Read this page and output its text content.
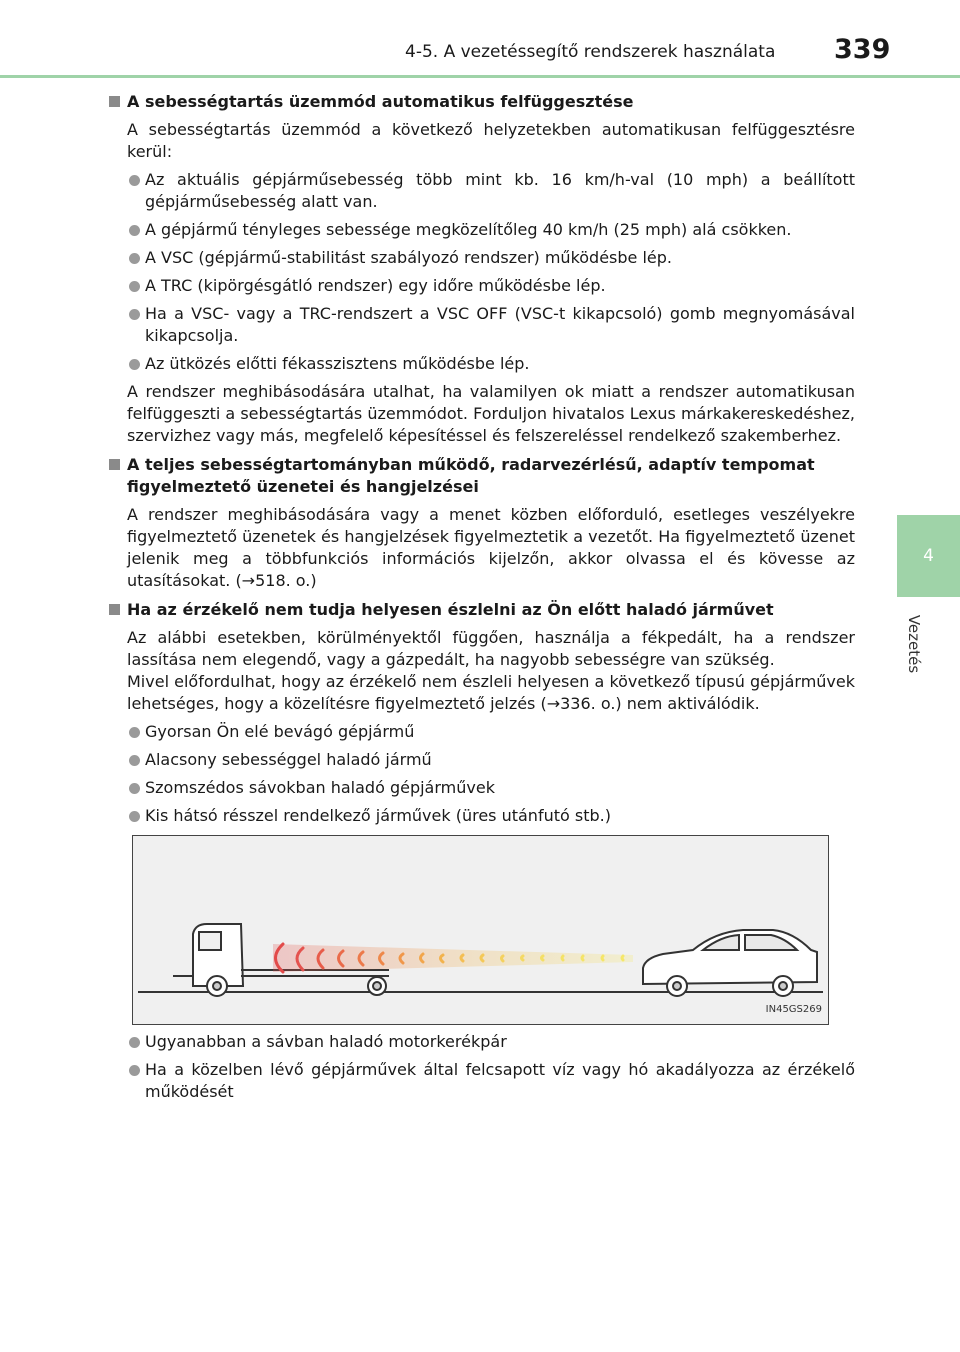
4-5. A vezetéssegítő rendszerek használata 339
4
Vezetés
A sebességtartás üzemmód automatikus felfüggesztése
A sebességtartás üzemmód a következő helyzetekben automatikusan felfüggesztésre kerül:
Az aktuális gépjárműsebesség több mint kb. 16 km/h-val (10 mph) a beállított gépjárműsebesség alatt van.
A gépjármű tényleges sebessége megközelítőleg 40 km/h (25 mph) alá csökken.
A VSC (gépjármű-stabilitást szabályozó rendszer) működésbe lép.
A TRC (kipörgésgátló rendszer) egy időre működésbe lép.
Ha a VSC- vagy a TRC-rendszert a VSC OFF (VSC-t kikapcsoló) gomb megnyomásával kikapcsolja.
Az ütközés előtti fékasszisztens működésbe lép.
A rendszer meghibásodására utalhat, ha valamilyen ok miatt a rendszer automatikusan felfüggeszti a sebességtartás üzemmódot. Forduljon hivatalos Lexus márkakereskedéshez, szervizhez vagy más, megfelelő képesítéssel és felszereléssel rendelkező szakemberhez.
A teljes sebességtartományban működő, radarvezérlésű, adaptív tempomat figyelmeztető üzenetei és hangjelzései
A rendszer meghibásodására vagy a menet közben előforduló, esetleges veszélyekre figyelmeztető üzenetek és hangjelzések figyelmeztetik a vezetőt. Ha figyelmeztető üzenet jelenik meg a többfunkciós információs kijelzőn, akkor olvassa el és kövesse az utasításokat. (→518. o.)
Ha az érzékelő nem tudja helyesen észlelni az Ön előtt haladó járművet
Az alábbi esetekben, körülményektől függően, használja a fékpedált, ha a rendszer lassítása nem elegendő, vagy a gázpedált, ha nagyobb sebességre van szükség.
Mivel előfordulhat, hogy az érzékelő nem észleli helyesen a következő típusú gépjárművek lehetséges, hogy a közelítésre figyelmeztető jelzés (→336. o.) nem aktiválódik.
Gyorsan Ön elé bevágó gépjármű
Alacsony sebességgel haladó jármű
Szomszédos sávokban haladó gépjárművek
Kis hátsó résszel rendelkező járművek (üres utánfutó stb.)
IN45GS269
Ugyanabban a sávban haladó motorkerékpár
Ha a közelben lévő gépjárművek által felcsapott víz vagy hó akadályozza az érzékelő működését
